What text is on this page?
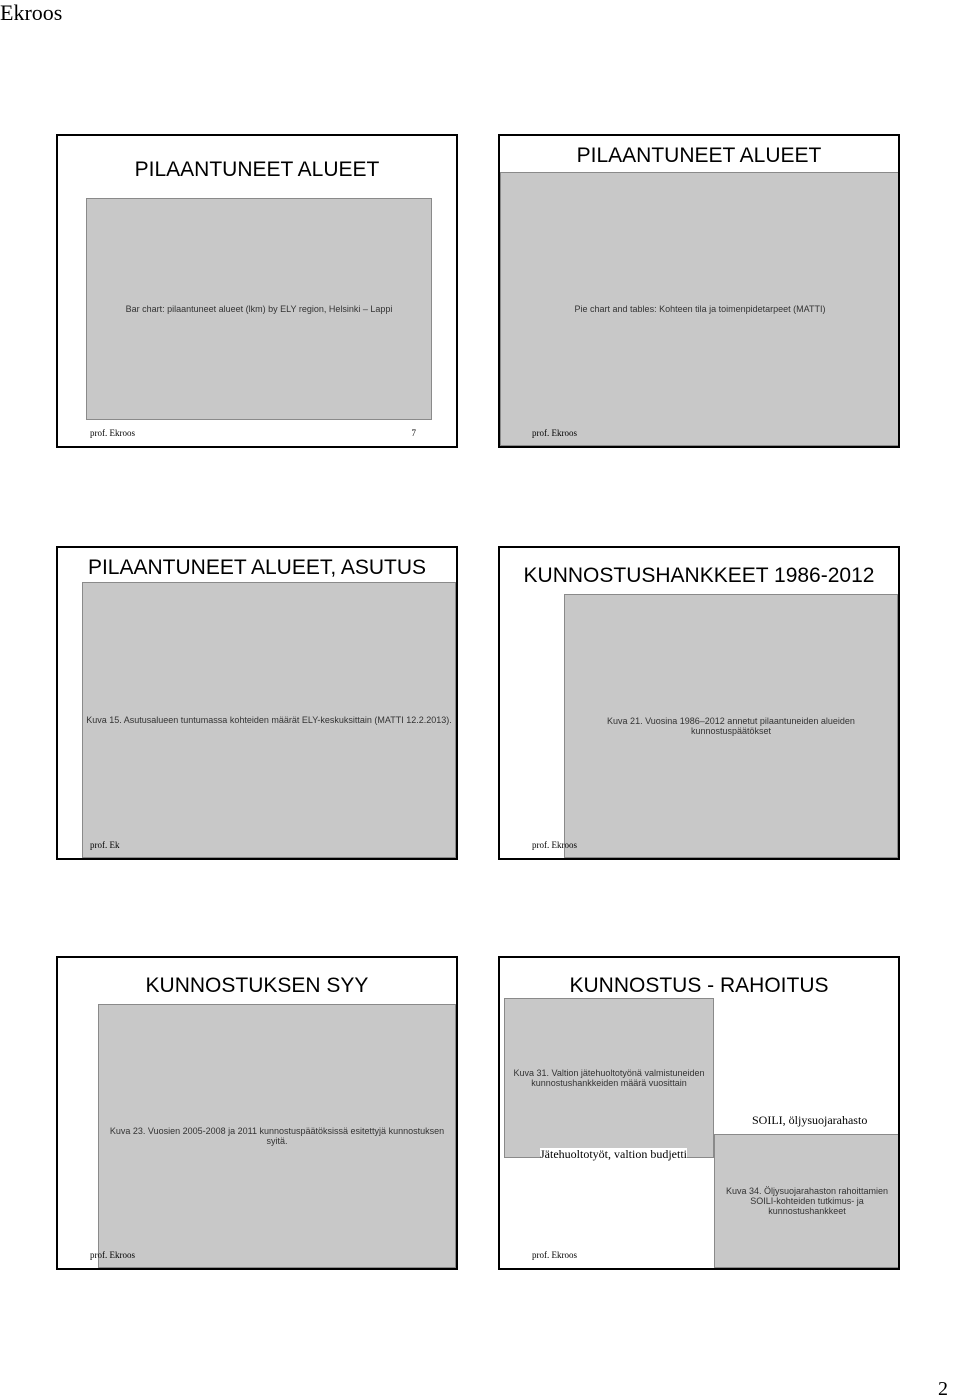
Ekroos
PILAANTUNEET ALUEET
Bar chart: pilaantuneet alueet (lkm) by ELY region, Helsinki – Lappi
prof. Ekroos	7
PILAANTUNEET ALUEET
Pie chart and tables: Kohteen tila ja toimenpidetarpeet (MATTI)
prof. Ekroos
PILAANTUNEET ALUEET, ASUTUS
Kuva 15. Asutusalueen tuntumassa kohteiden määrät ELY-keskuksittain (MATTI 12.2.2013).
prof. Ek
KUNNOSTUSHANKKEET 1986-2012
Kuva 21. Vuosina 1986–2012 annetut pilaantuneiden alueiden kunnostuspäätökset
prof. Ekroos
KUNNOSTUKSEN SYY
Kuva 23. Vuosien 2005-2008 ja 2011 kunnostuspäätöksissä esitettyjä kunnostuksen syitä.
prof. Ekroos
KUNNOSTUS - RAHOITUS
Kuva 31. Valtion jätehuoltotyönä valmistuneiden kunnostushankkeiden määrä vuosittain
Kuva 34. Öljysuojarahaston rahoittamien SOILI-kohteiden tutkimus- ja kunnostushankkeet
SOILI, öljysuojarahasto
Jätehuoltotyöt, valtion budjetti
prof. Ekroos
2
